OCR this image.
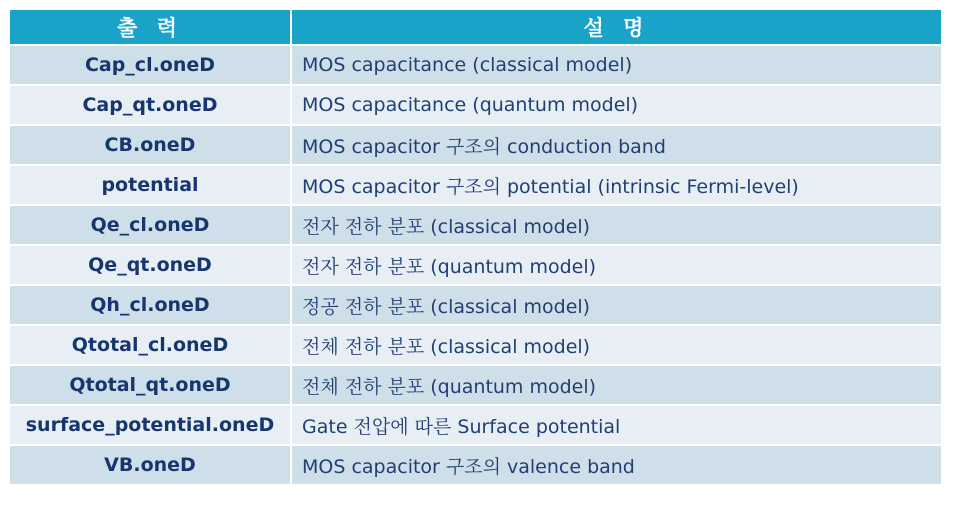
출 력	설 명
Cap_cl.oneD	MOS capacitance (classical model)
Cap_qt.oneD	MOS capacitance (quantum model)
CB.oneD	MOS capacitor 구조의 conduction band
potential	MOS capacitor 구조의 potential (intrinsic Fermi-level)
Qe_cl.oneD	전자 전하 분포 (classical model)
Qe_qt.oneD	전자 전하 분포 (quantum model)
Qh_cl.oneD	정공 전하 분포 (classical model)
Qtotal_cl.oneD	전체 전하 분포 (classical model)
Qtotal_qt.oneD	전체 전하 분포 (quantum model)
surface_potential.oneD	Gate 전압에 따른 Surface potential
VB.oneD	MOS capacitor 구조의 valence band
